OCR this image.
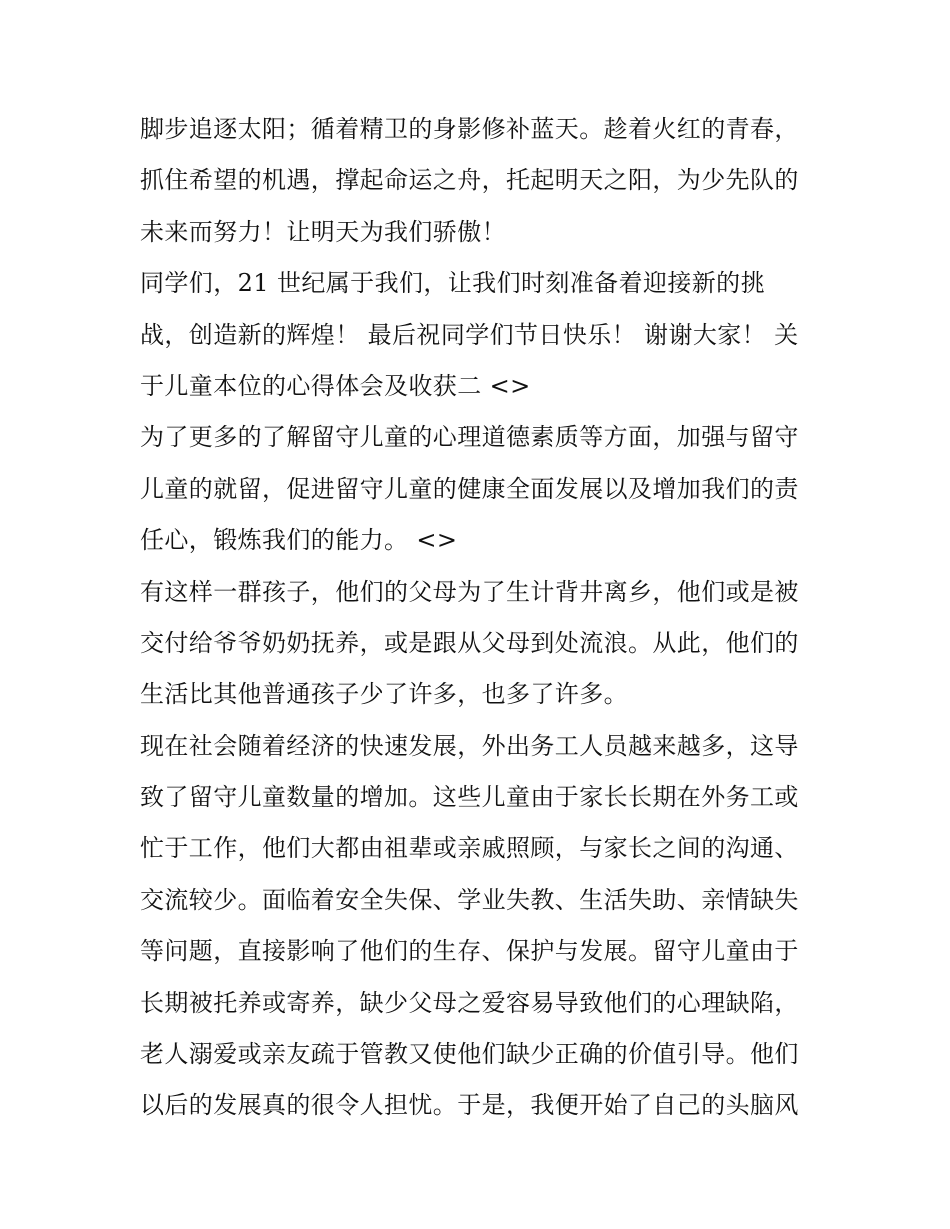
脚步追逐太阳；循着精卫的身影修补蓝天。趁着火红的青春，
抓住希望的机遇，撑起命运之舟，托起明天之阳，为少先队的
未来而努力！让明天为我们骄傲！
同学们，21 世纪属于我们，让我们时刻准备着迎接新的挑
战，创造新的辉煌！ 最后祝同学们节日快乐！ 谢谢大家！ 关
于儿童本位的心得体会及收获二 <>
为了更多的了解留守儿童的心理道德素质等方面，加强与留守
儿童的就留，促进留守儿童的健康全面发展以及增加我们的责
任心，锻炼我们的能力。 <>
有这样一群孩子，他们的父母为了生计背井离乡，他们或是被
交付给爷爷奶奶抚养，或是跟从父母到处流浪。从此，他们的
生活比其他普通孩子少了许多，也多了许多。
现在社会随着经济的快速发展，外出务工人员越来越多，这导
致了留守儿童数量的增加。这些儿童由于家长长期在外务工或
忙于工作，他们大都由祖辈或亲戚照顾，与家长之间的沟通、
交流较少。面临着安全失保、学业失教、生活失助、亲情缺失
等问题，直接影响了他们的生存、保护与发展。留守儿童由于
长期被托养或寄养，缺少父母之爱容易导致他们的心理缺陷，
老人溺爱或亲友疏于管教又使他们缺少正确的价值引导。他们
以后的发展真的很令人担忧。于是，我便开始了自己的头脑风
